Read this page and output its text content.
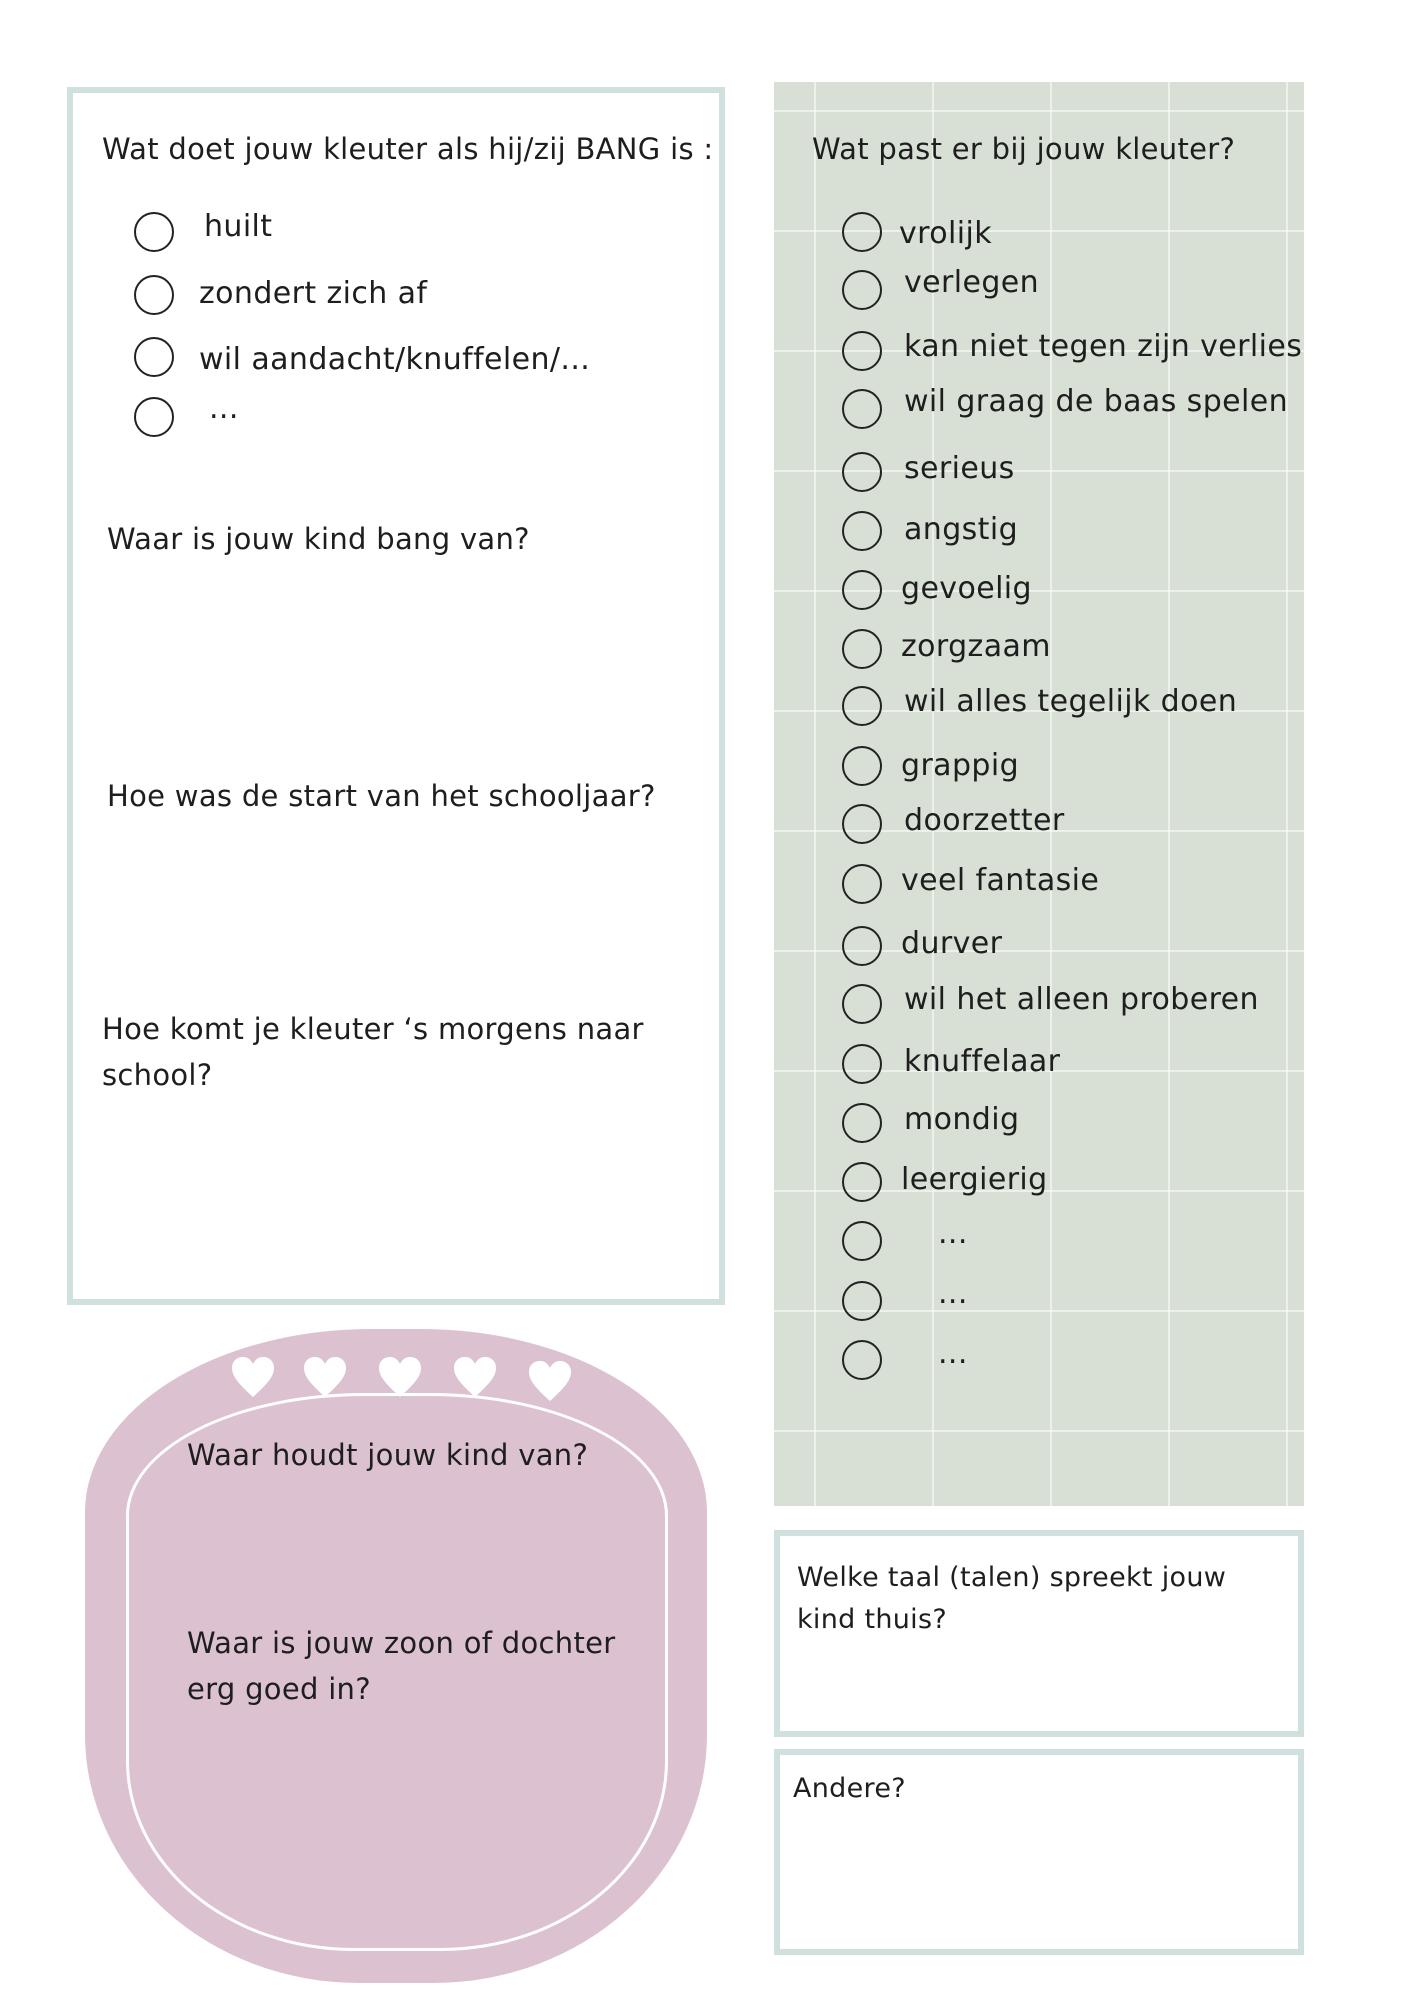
Wat doet jouw kleuter als hij/zij BANG is :
huilt
zondert zich af
wil aandacht/knuffelen/...
...
Waar is jouw kind bang van?
Hoe was de start van het schooljaar?
Hoe komt je kleuter ‘s morgens naar
school?
Wat past er bij jouw kleuter?
vrolijk
verlegen
kan niet tegen zijn verlies
wil graag de baas spelen
serieus
angstig
gevoelig
zorgzaam
wil alles tegelijk doen
grappig
doorzetter
veel fantasie
durver
wil het alleen proberen
knuffelaar
mondig
leergierig
...
...
...
Waar houdt jouw kind van?
Waar is jouw zoon of dochter
erg goed in?
Welke taal (talen) spreekt jouw
kind thuis?
Andere?
